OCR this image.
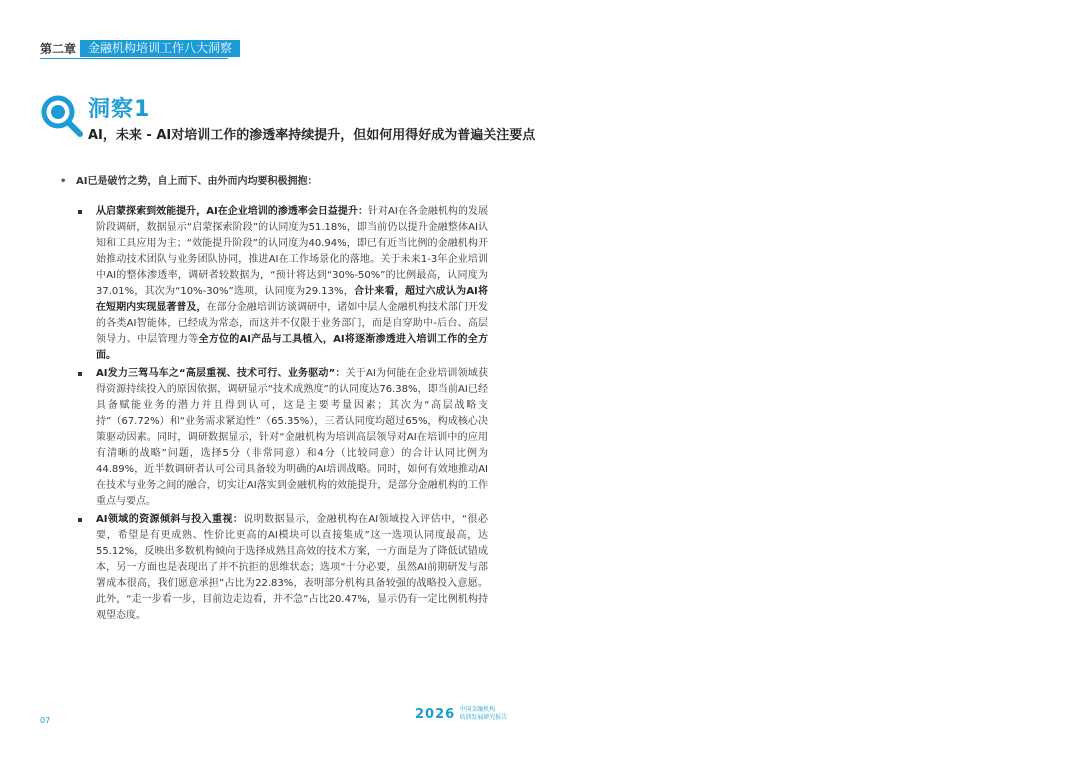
第二章	金融机构培训工作八大洞察
洞察1
AI，未来 - AI对培训工作的渗透率持续提升，但如何用得好成为普遍关注要点
• AI已是破竹之势，自上而下、由外而内均要积极拥抱：

从启蒙探索到效能提升，AI在企业培训的渗透率会日益提升：针对AI在各金融机构的发展阶段调研，数据显示“启蒙探索阶段”的认同度为51.18%，即当前仍以提升金融整体AI认知和工具应用为主；“效能提升阶段”的认同度为40.94%，即已有近当比例的金融机构开始推动技术团队与业务团队协同，推进AI在工作场景化的落地。关于未来1-3年企业培训中AI的整体渗透率，调研者较数据为，“预计将达到“30%-50%”的比例最高，认同度为37.01%，其次为“10%-30%”选项，认同度为29.13%，合计来看，超过六成认为AI将在短期内实现显著普及，在部分金融培训访谈调研中，诸如中层人金融机构技术部门开发的各类AI智能体，已经成为常态，而这并不仅限于业务部门，而是自穿助中-后台、高层领导力、中层管理力等全方位的AI产品与工具植入，AI将逐渐渗透进入培训工作的全方面。

AI发力三驾马车之“高层重视、技术可行、业务驱动”：关于AI为何能在企业培训领域获得资源持续投入的原因依据，调研显示“技术成熟度”的认同度达76.38%，即当前AI已经具备赋能业务的潜力并且得到认可，这是主要考量因素；其次为“高层战略支持”（67.72%）和“业务需求紧迫性”（65.35%），三者认同度均超过65%，构成核心决策驱动因素。同时，调研数据显示，针对“金融机构为培训高层领导对AI在培训中的应用有清晰的战略”问题，选择5分（非常同意）和4分（比较同意）的合计认同比例为44.89%，近半数调研者认可公司具备较为明确的AI培训战略。同时，如何有效地推动AI在技术与业务之间的融合，切实让AI落实到金融机构的效能提升，是部分金融机构的工作重点与要点。

AI领域的资源倾斜与投入重视：说明数据显示，金融机构在AI领域投入评估中，“很必要，希望是有更成熟、性价比更高的AI模块可以直接集成”这一选项认同度最高，达55.12%，反映出多数机构倾向于选择成熟且高效的技术方案，一方面是为了降低试错成本，另一方面也是表现出了并不抗拒的思维状态；选项“十分必要，虽然AI前期研发与部署成本很高，我们愿意承担”占比为22.83%，表明部分机构具备较强的战略投入意愿。此外，“走一步看一步，目前边走边看，并不急”占比20.47%，显示仍有一定比例机构持观望态度。

07	2026 中国金融机构
培训发展研究报告
